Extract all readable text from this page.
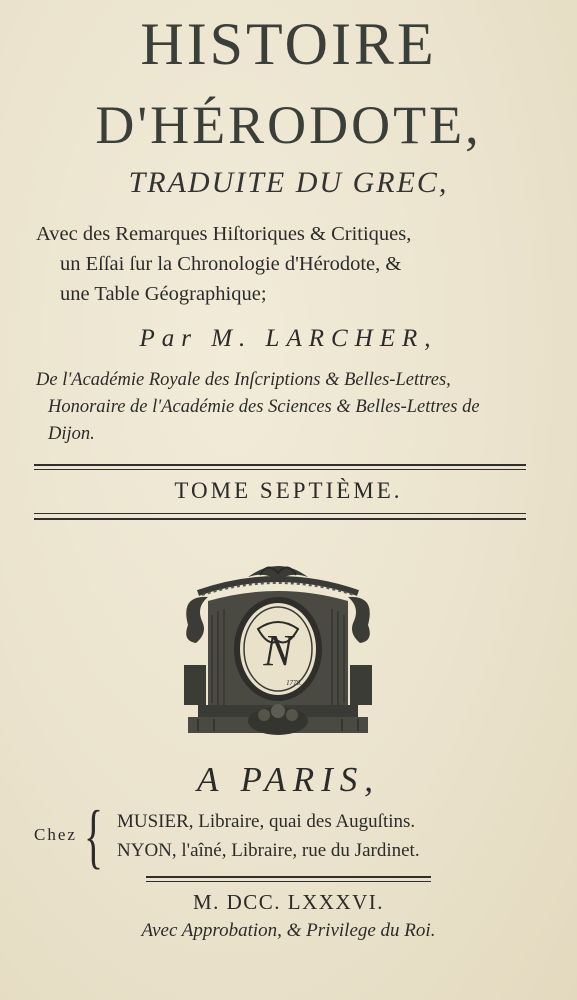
HISTOIRE
D'HÉRODOTE,
TRADUITE DU GREC,
Avec des Remarques Hiſtoriques & Critiques,
un Eſſai ſur la Chronologie d'Hérodote, &
une Table Géographique;
Par M. LARCHER,
De l'Académie Royale des Inſcriptions & Belles-Lettres,
Honoraire de l'Académie des Sciences & Belles-Lettres de
Dijon.
TOME SEPTIÈME.
N
1778.
A PARIS,
Chez { MUSIER, Libraire, quai des Auguſtins.
NYON, l'aîné, Libraire, rue du Jardinet.
M. DCC. LXXXVI.
Avec Approbation, & Privilege du Roi.
